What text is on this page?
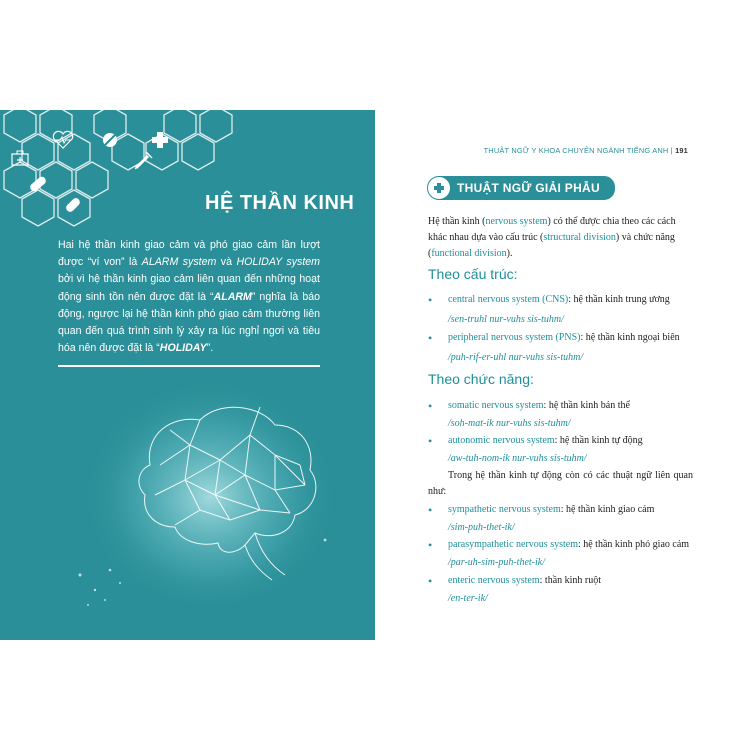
HỆ THẦN KINH
Hai hệ thần kinh giao cảm và phó giao cảm lần lượt được “ví von” là ALARM system và HOLIDAY system bởi vì hệ thần kinh giao cảm liên quan đến những hoạt động sinh tồn nên được đặt là “ALARM” nghĩa là báo động, ngược lại hệ thần kinh phó giao cảm thường liên quan đến quá trình sinh lý xảy ra lúc nghỉ ngơi và tiêu hóa nên được đặt là “HOLIDAY”.
THUẬT NGỮ Y KHOA CHUYÊN NGÀNH TIẾNG ANH | 191
THUẬT NGỮ GIẢI PHẪU
Hệ thần kinh (nervous system) có thể được chia theo các cách khác nhau dựa vào cấu trúc (structural division) và chức năng (functional division).
Theo cấu trúc:
• central nervous system (CNS): hệ thần kinh trung ương
/sen-truhl nur-vuhs sis-tuhm/
• peripheral nervous system (PNS): hệ thần kinh ngoại biên
/puh-rif-er-uhl nur-vuhs sis-tuhm/
Theo chức năng:
• somatic nervous system: hệ thần kinh bản thể
/soh-mat-ik nur-vuhs sis-tuhm/
• autonomic nervous system: hệ thần kinh tự động
/aw-tuh-nom-ik nur-vuhs sis-tuhm/
Trong hệ thần kinh tự động còn có các thuật ngữ liên quan như:
• sympathetic nervous system: hệ thần kinh giao cảm
/sim-puh-thet-ik/
• parasympathetic nervous system: hệ thần kinh phó giao cảm
/par-uh-sim-puh-thet-ik/
• enteric nervous system: thần kinh ruột
/en-ter-ik/
